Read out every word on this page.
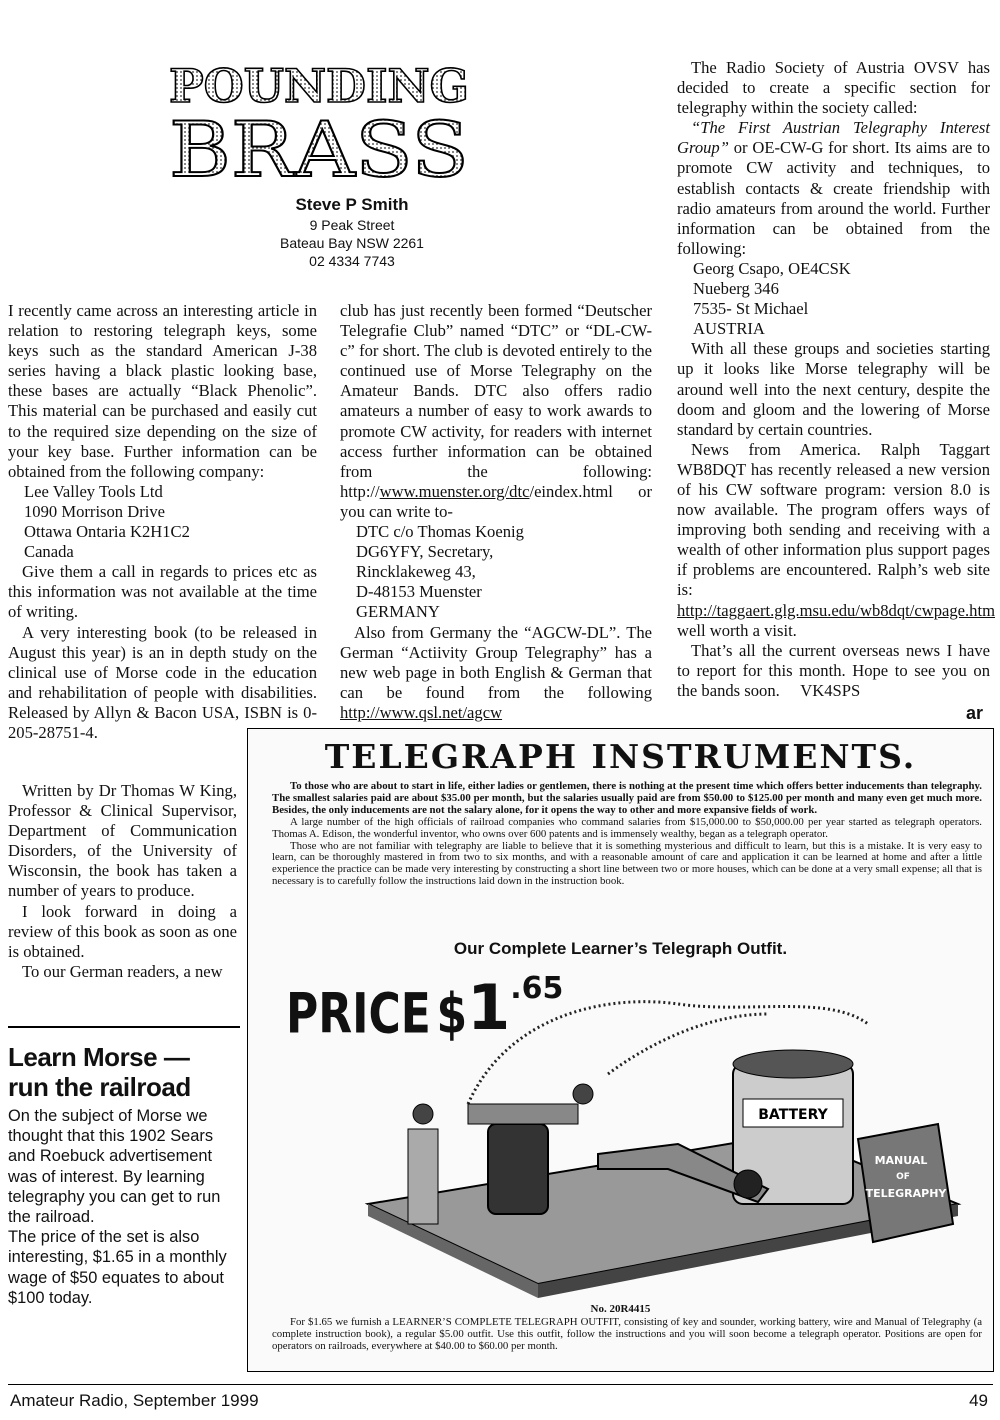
POUNDING
BRASS
Steve P Smith
9 Peak Street
Bateau Bay NSW 2261
02 4334 7743

I recently came across an interesting article in relation to restoring telegraph keys, some keys such as the standard American J-38 series having a black plastic looking base, these bases are actually “Black Phenolic”. This material can be purchased and easily cut to the required size depending on the size of your key base. Further information can be obtained from the following company:

Lee Valley Tools Ltd
1090 Morrison Drive
Ottawa Ontaria K2H1C2
Canada

Give them a call in regards to prices etc as this information was not available at the time of writing.

A very interesting book (to be released in August this year) is an in depth study on the clinical use of Morse code in the education and rehabilitation of people with disabilities. Released by Allyn & Bacon USA, ISBN is 0-205-28751-4.

Written by Dr Thomas W King, Professor & Clinical Supervisor, Department of Communication Disorders, of the University of Wisconsin, the book has taken a number of years to produce.

I look forward in doing a review of this book as soon as one is obtained.

To our German readers, a new

club has just recently been formed “Deutscher Telegrafie Club” named “DTC” or “DL-CW-c” for short. The club is devoted entirely to the continued use of Morse Telegraphy on the Amateur Bands. DTC also offers radio amateurs a number of easy to work awards to promote CW activity, for readers with internet access further information can be obtained from the following: http://www.muenster.org/dtc/eindex.html or you can write to-

DTC c/o Thomas Koenig
DG6YFY, Secretary,
Rincklakeweg 43,
D-48153 Muenster
GERMANY

Also from Germany the “AGCW-DL”. The German “Actiivity Group Telegraphy” has a new web page in both English & German that can be found from the following http://www.qsl.net/agcw

The Radio Society of Austria OVSV has decided to create a specific section for telegraphy within the society called:

“The First Austrian Telegraphy Interest Group” or OE-CW-G for short. Its aims are to promote CW activity and techniques, to establish contacts & create friendship with radio amateurs from around the world. Further information can be obtained from the following:

Georg Csapo, OE4CSK
Nueberg 346
7535- St Michael
AUSTRIA

With all these groups and societies starting up it looks like Morse telegraphy will be around well into the next century, despite the doom and gloom and the lowering of Morse standard by certain countries.

News from America. Ralph Taggart WB8DQT has recently released a new version of his CW software program: version 8.0 is now available. The program offers ways of improving both sending and receiving with a wealth of other information plus support pages if problems are encountered. Ralph’s web site is: http://taggaert.glg.msu.edu/wb8dqt/cwpage.htm well worth a visit.

That’s all the current overseas news I have to report for this month. Hope to see you on the bands soon. VK4SPS

ar
Learn Morse —
run the railroad
On the subject of Morse we thought that this 1902 Sears and Roebuck advertisement was of interest. By learning telegraphy you can get to run the railroad.
The price of the set is also interesting, $1.65 in a monthly wage of $50 equates to about $100 today.
TELEGRAPH INSTRUMENTS.

To those who are about to start in life, either ladies or gentlemen, there is nothing at the present time which offers better inducements than telegraphy. The smallest salaries paid are about $35.00 per month, but the salaries usually paid are from $50.00 to $125.00 per month and many even get much more. Besides, the only inducements are not the salary alone, for it opens the way to other and more expansive fields of work.

A large number of the high officials of railroad companies who command salaries from $15,000.00 to $50,000.00 per year started as telegraph operators. Thomas A. Edison, the wonderful inventor, who owns over 600 patents and is immensely wealthy, began as a telegraph operator.

Those who are not familiar with telegraphy are liable to believe that it is something mysterious and difficult to learn, but this is a mistake. It is very easy to learn, can be thoroughly mastered in from two to six months, and with a reasonable amount of care and application it can be learned at home and after a little experience the practice can be made very interesting by constructing a short line between two or more houses, which can be done at a very small expense; all that is necessary is to carefully follow the instructions laid down in the instruction book.

Our Complete Learner’s Telegraph Outfit.
BATTERY
MANUAL
OF
TELEGRAPHY
PRICE $1.65
No. 20R4415
For $1.65 we furnish a LEARNER’S COMPLETE TELEGRAPH OUTFIT, consisting of key and sounder, working battery, wire and Manual of Telegraphy (a complete instruction book), a regular $5.00 outfit. Use this outfit, follow the instructions and you will soon become a telegraph operator. Positions are open for operators on railroads, everywhere at $40.00 to $60.00 per month.
Amateur Radio, September 1999	49
